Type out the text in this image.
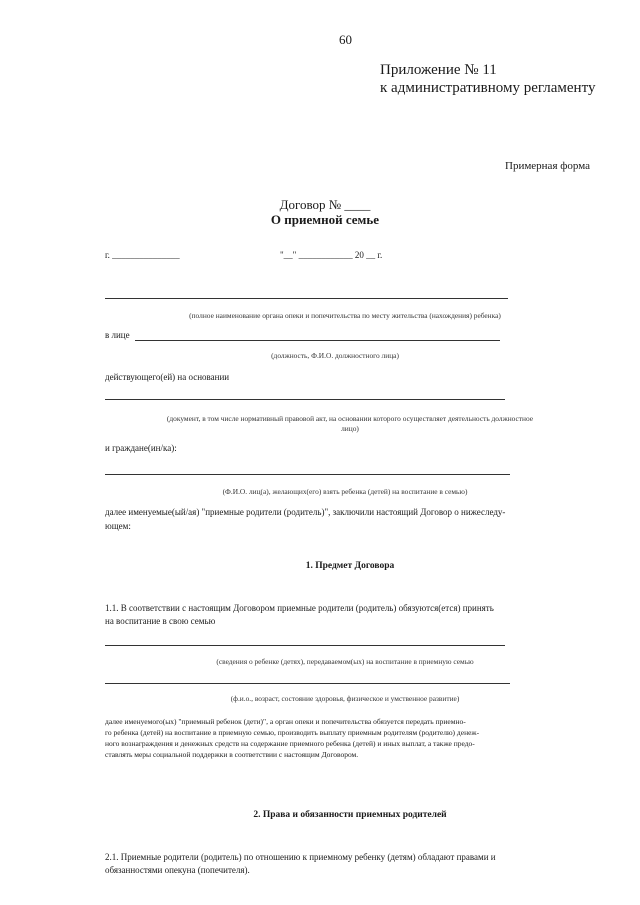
60
Приложение № 11
к административному регламенту
Примерная форма
Договор № ____
О приемной семье
г. _______________	"__" ____________ 20 __ г.
(полное наименование органа опеки и попечительства по месту жительства (нахождения) ребенка)
в лице
(должность, Ф.И.О. должностного лица)
действующего(ей) на основании
(документ, в том числе нормативный правовой акт, на основании которого осуществляет деятельность должностное
лицо)
и гражданe(ин/ка):
(Ф.И.О. лиц(а), желающих(его) взять ребенка (детей) на воспитание в семью)
далее именуемые(ый/ая) "приемные родители (родитель)", заключили настоящий Договор о нижеследу-
ющем:
1. Предмет Договора
1.1. В соответствии с настоящим Договором приемные родители (родитель) обязуются(ется) принять
на воспитание в свою семью
(сведения о ребенке (детях), передаваемом(ых) на воспитание в приемную семью
(ф.и.о., возраст, состояние здоровья, физическое и умственное развитие)
далее именуемого(ых) "приемный ребенок (дети)", а орган опеки и попечительства обязуется передать приемно-
го ребенка (детей) на воспитание в приемную семью, производить выплату приемным родителям (родителю) денеж-
ного вознаграждения и денежных средств на содержание приемного ребенка (детей) и иных выплат, а также предо-
ставлять меры социальной поддержки в соответствии с настоящим Договором.
2. Права и обязанности приемных родителей
2.1. Приемные родители (родитель) по отношению к приемному ребенку (детям) обладают правами и
обязанностями опекуна (попечителя).
